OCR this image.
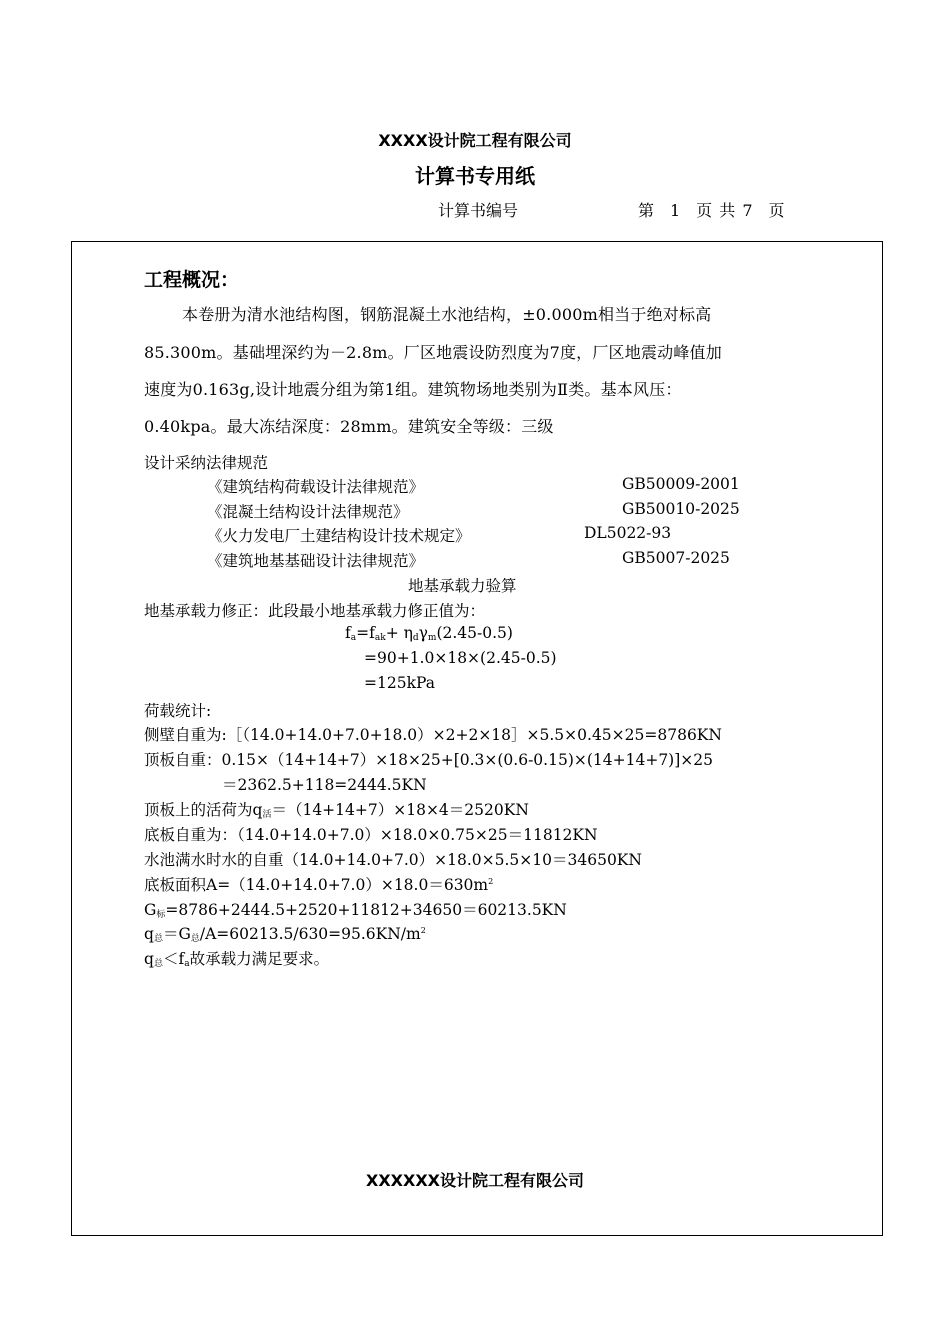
XXXX设计院工程有限公司
计算书专用纸
计算书编号	第　1　页 共 7　页
工程概况：
本卷册为清水池结构图，钢筋混凝土水池结构，±0.000m相当于绝对标高
85.300m。基础埋深约为－2.8m。厂区地震设防烈度为7度，厂区地震动峰值加
速度为0.163g,设计地震分组为第1组。建筑物场地类别为Ⅱ类。基本风压：
0.40kpa。最大冻结深度：28mm。建筑安全等级：三级
设计采纳法律规范
《建筑结构荷载设计法律规范》	GB50009-2001
《混凝土结构设计法律规范》	GB50010-2025
《火力发电厂土建结构设计技术规定》	DL5022-93
《建筑地基基础设计法律规范》	GB5007-2025
地基承载力验算
地基承载力修正：此段最小地基承载力修正值为：
$f_a=f_{ak}+ \eta_d\gamma_m(2.45-0.5)$
=90+1.0×18×(2.45-0.5)
=125kPa
荷载统计:
侧壁自重为:［（14.0+14.0+7.0+18.0）×2+2×18］×5.5×0.45×25=8786KN
顶板自重：0.15×（14+14+7）×18×25+[0.3×(0.6-0.15)×(14+14+7)]×25
＝2362.5+118=2444.5KN
顶板上的活荷为$q_活=(14+14+7)\times 18\times 4=2520KN$
底板自重为：（14.0+14.0+7.0）×18.0×0.75×25＝11812KN
水池满水时水的自重（14.0+14.0+7.0）×18.0×5.5×10＝34650KN
底板面积$A=(14.0+14.0+7.0)\times 18.0=630m^2$
$G_标=8786+2444.5+2520+11812+34650=60213.5KN$
$q_总=G_总/A=60213.5/630=95.6KN/m^2$
$q_总<f_a$故承载力满足要求。
XXXXXX设计院工程有限公司
